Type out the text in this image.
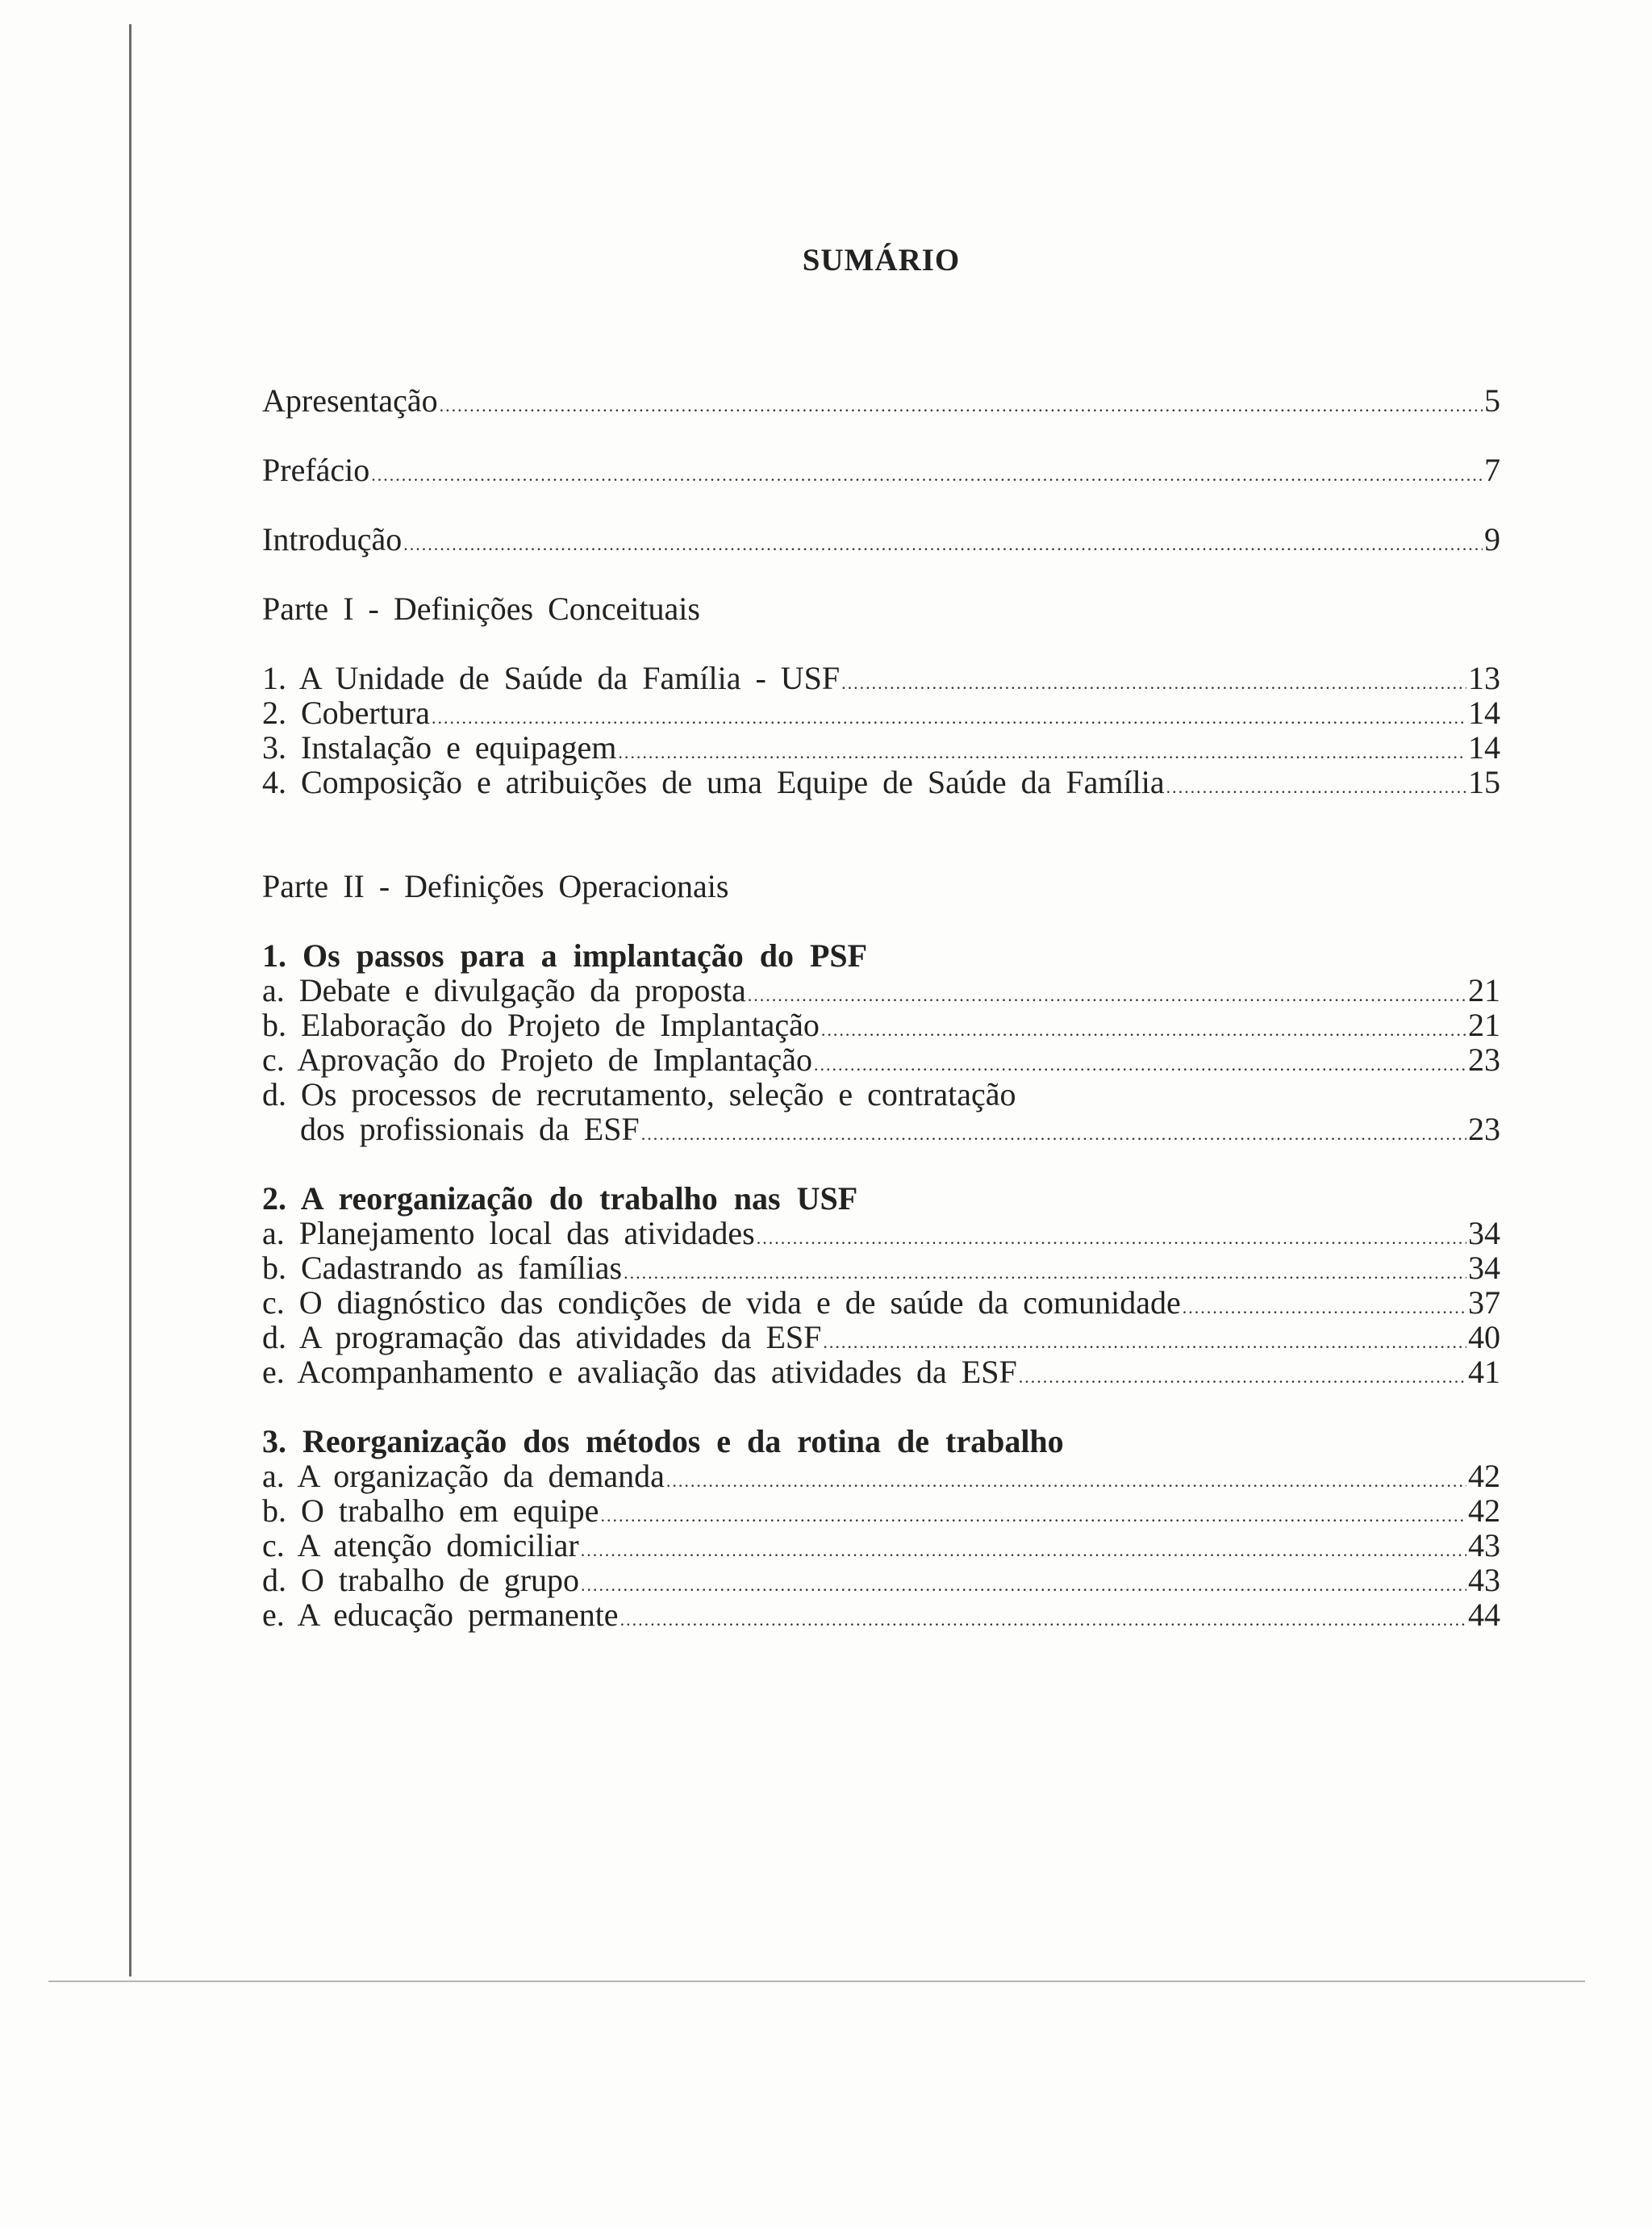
SUMÁRIO
Apresentação .....	5
Prefácio .....	7
Introdução .....	9
Parte I - Definições Conceituais
1. A Unidade de Saúde da Família - USF .....	13
2. Cobertura .....	14
3. Instalação e equipagem .....	14
4. Composição e atribuições de uma Equipe de Saúde da Família .....	15
Parte II - Definições Operacionais
1. Os passos para a implantação do PSF
a. Debate e divulgação da proposta .....	21
b. Elaboração do Projeto de Implantação .....	21
c. Aprovação do Projeto de Implantação .....	23
d. Os processos de recrutamento, seleção e contratação
dos profissionais da ESF .....	23
2. A reorganização do trabalho nas USF
a. Planejamento local das atividades .....	34
b. Cadastrando as famílias .....	34
c. O diagnóstico das condições de vida e de saúde da comunidade .....	37
d. A programação das atividades da ESF .....	40
e. Acompanhamento e avaliação das atividades da ESF .....	41
3. Reorganização dos métodos e da rotina de trabalho
a. A organização da demanda .....	42
b. O trabalho em equipe .....	42
c. A atenção domiciliar .....	43
d. O trabalho de grupo .....	43
e. A educação permanente .....	44
